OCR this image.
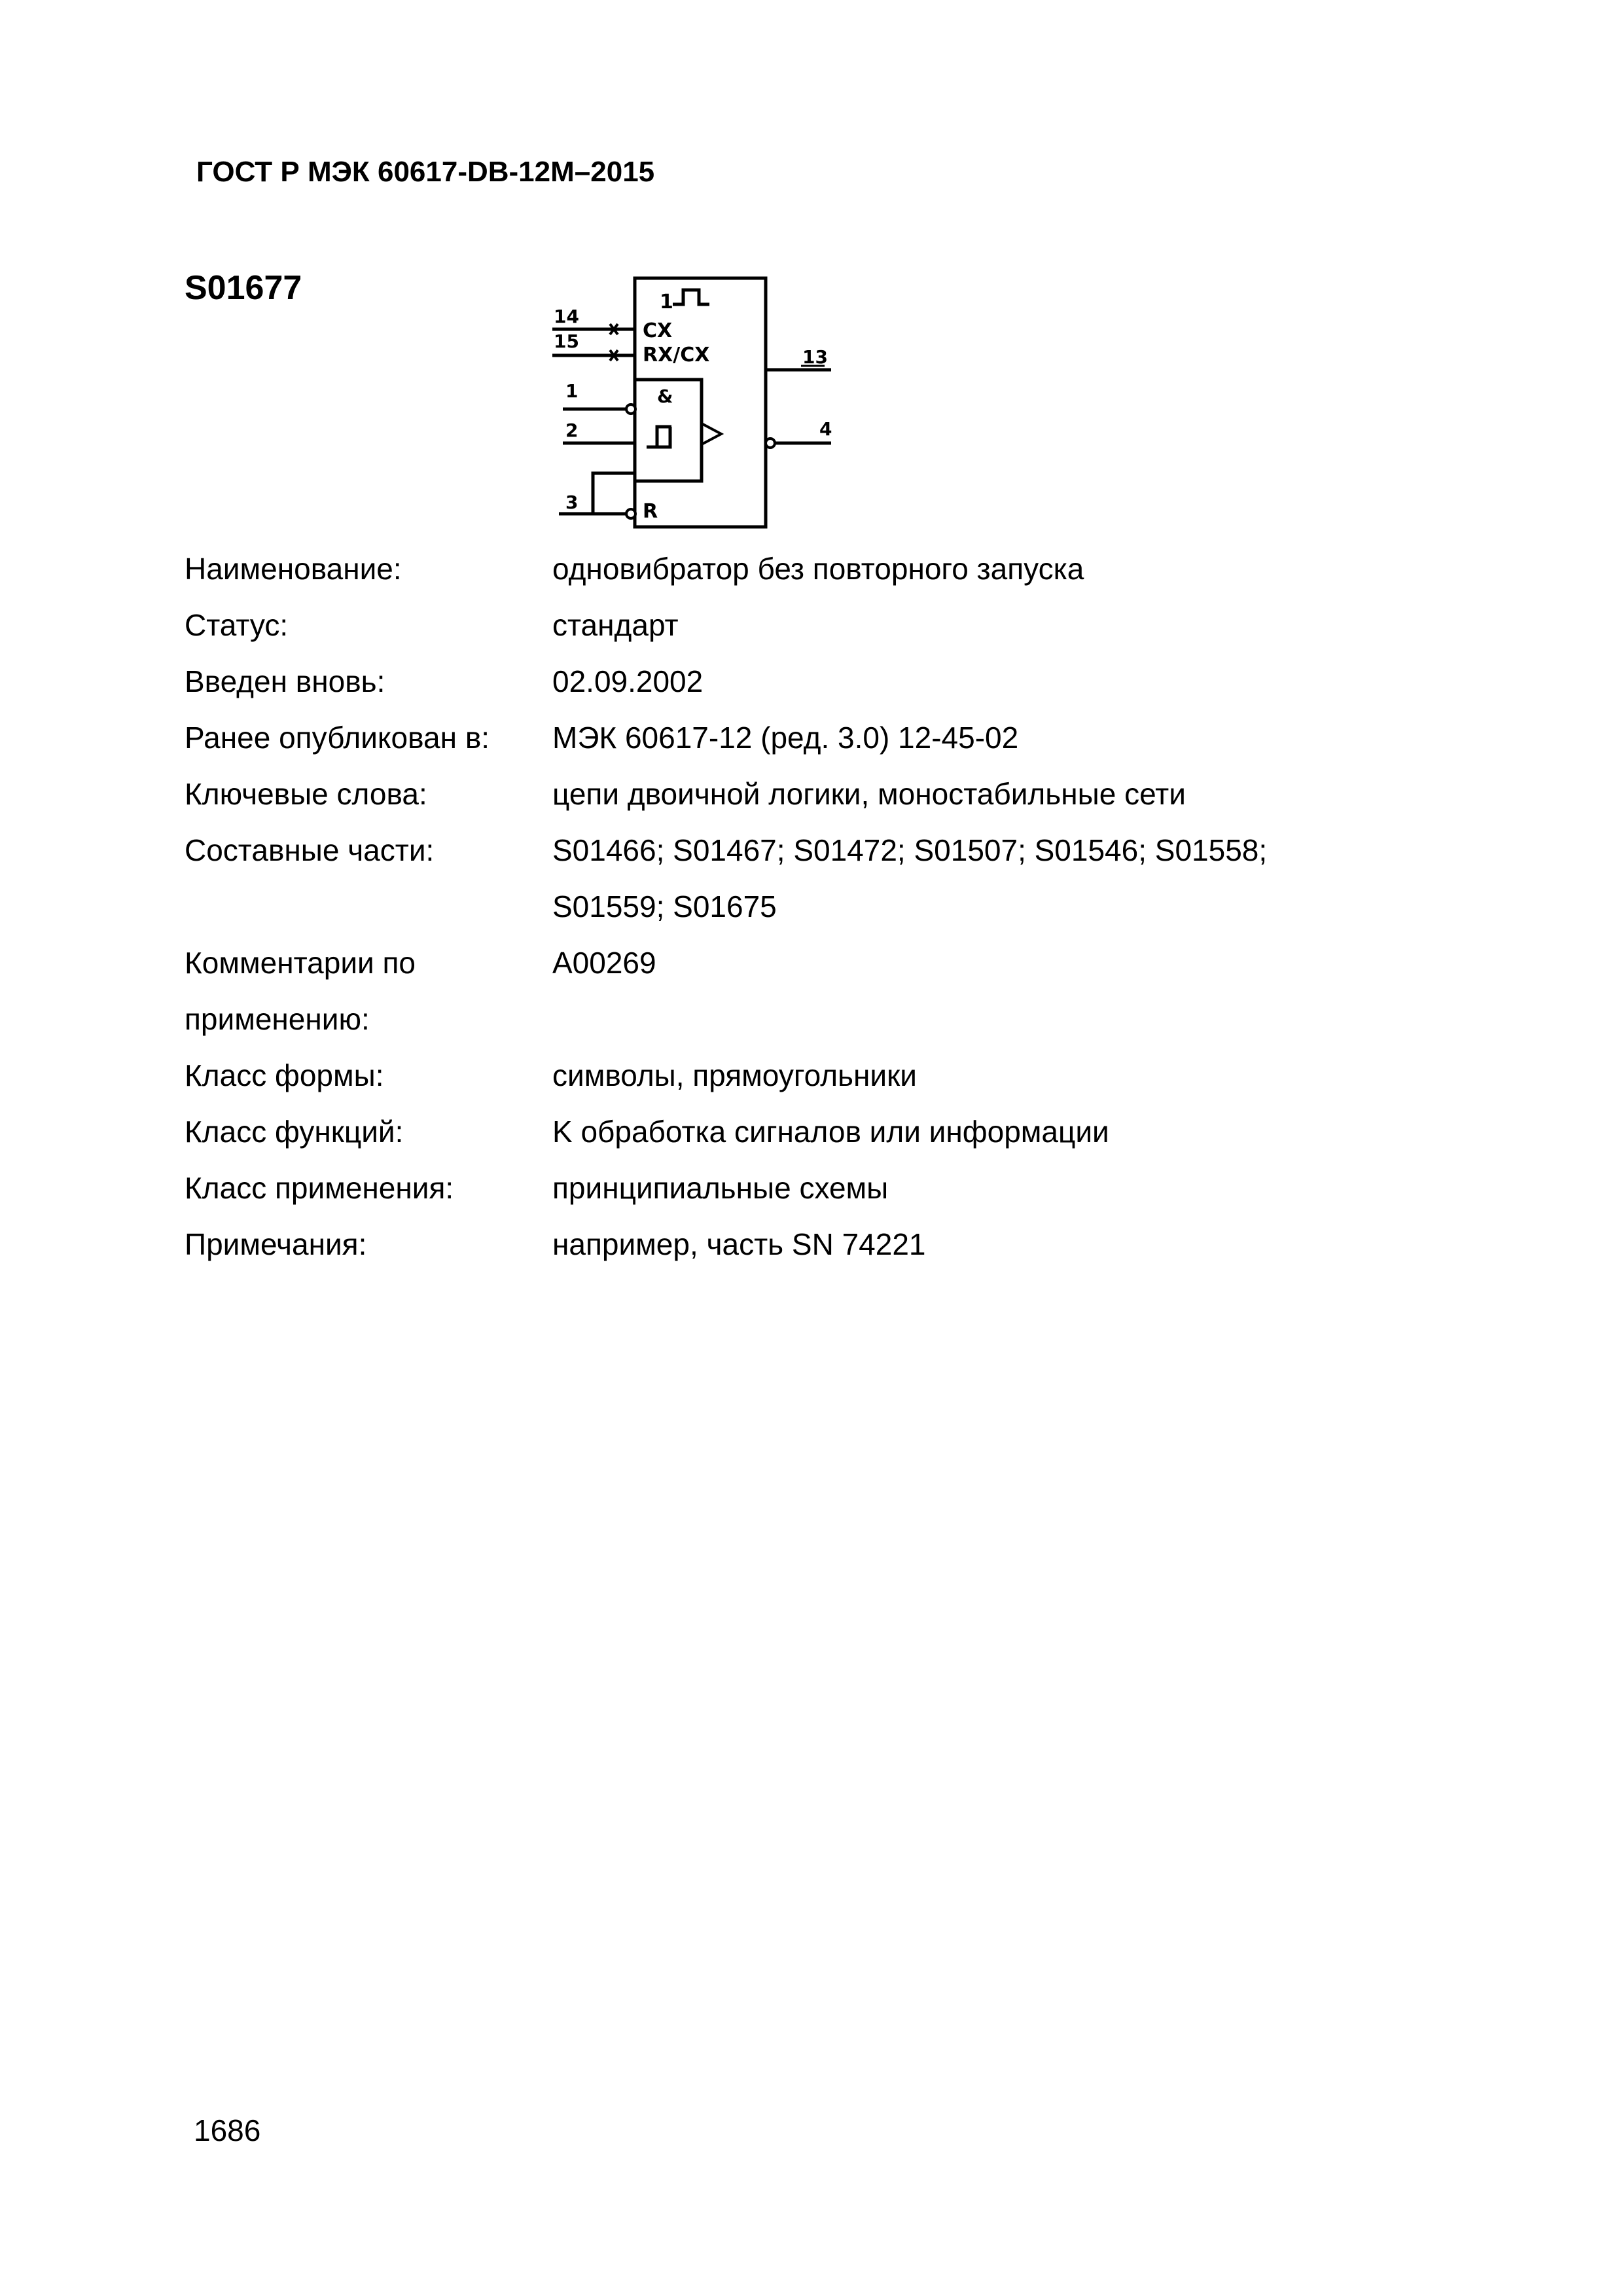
ГОСТ Р МЭК 60617-DB-12M–2015
S01677	1
CX
RX/CX
&
R
14
15
1
2
3
13
4
Наименование:	одновибратор без повторного запуска
Статус:	стандарт
Введен вновь:	02.09.2002
Ранее опубликован в:	МЭК 60617-12 (ред. 3.0) 12-45-02
Ключевые слова:	цепи двоичной логики, моностабильные сети
Составные части:	S01466; S01467; S01472; S01507; S01546; S01558;
S01559; S01675
Комментарии по	A00269
применению:
Класс формы:	символы, прямоугольники
Класс функций:	K обработка сигналов или информации
Класс применения:	принципиальные схемы
Примечания:	например, часть SN 74221
1686
